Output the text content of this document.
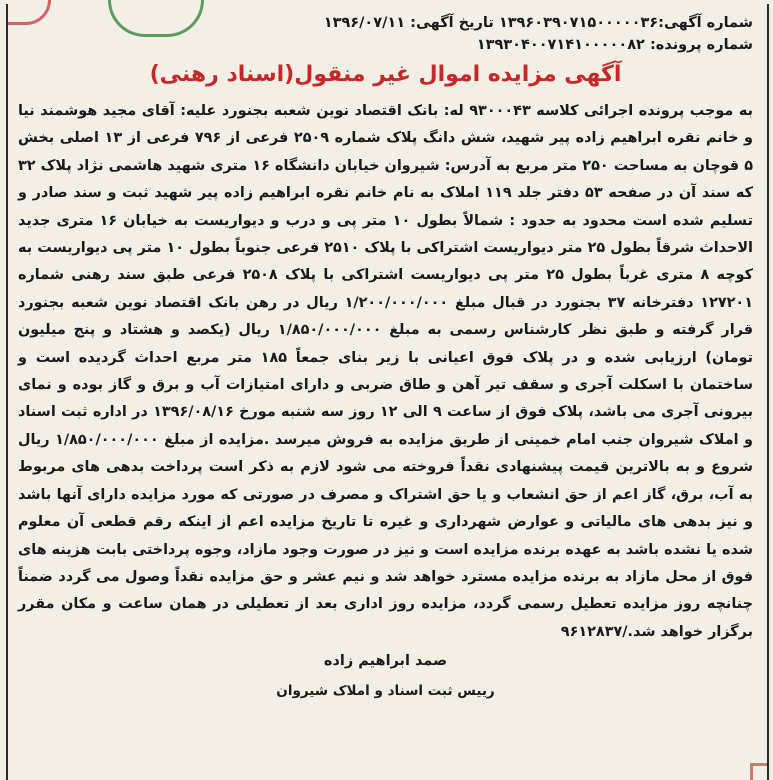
شماره آگهی:۱۳۹۶۰۳۹۰۷۱۵۰۰۰۰۰۳۶ تاریخ آگهی: ۱۳۹۶/۰۷/۱۱
شماره پرونده: ۱۳۹۳۰۴۰۰۷۱۴۱۰۰۰۰۰۸۲
آگهی مزایده اموال غیر منقول(اسناد رهنی)

به موجب پرونده اجرائی کلاسه ۹۳۰۰۰۴۳ له: بانک اقتصاد نوین شعبه بجنورد علیه: آقای مجید هوشمند نیا و خانم نقره ابراهیم زاده پیر شهید، شش دانگ پلاک شماره ۲۵۰۹ فرعی از ۷۹۶ فرعی از ۱۳ اصلی بخش ۵ قوچان به مساحت ۲۵۰ متر مربع به آدرس: شیروان خیابان دانشگاه ۱۶ متری شهید هاشمی نژاد پلاک ۳۲ که سند آن در صفحه ۵۳ دفتر جلد ۱۱۹ املاک به نام خانم نقره ابراهیم زاده پیر شهید ثبت و سند صادر و تسلیم شده است محدود به حدود : شمالاً بطول ۱۰ متر پی و درب و دیواریست به خیابان ۱۶ متری جدید الاحداث شرقاً بطول ۲۵ متر دیواریست اشتراکی با پلاک ۲۵۱۰ فرعی جنوباً بطول ۱۰ متر پی دیواریست به کوچه ۸ متری غرباً بطول ۲۵ متر پی دیواریست اشتراکی با پلاک ۲۵۰۸ فرعی طبق سند رهنی شماره ۱۲۷۲۰۱ دفترخانه ۳۷ بجنورد در قبال مبلغ ۱/۲۰۰/۰۰۰/۰۰۰ ریال در رهن بانک اقتصاد نوین شعبه بجنورد قرار گرفته و طبق نظر کارشناس رسمی به مبلغ ۱/۸۵۰/۰۰۰/۰۰۰ ریال (یکصد و هشتاد و پنج میلیون تومان) ارزیابی شده و در پلاک فوق اعیانی با زیر بنای جمعاً ۱۸۵ متر مربع احداث گردیده است و ساختمان با اسکلت آجری و سقف تیر آهن و طاق ضربی و دارای امتیازات آب و برق و گاز بوده و نمای بیرونی آجری می باشد، پلاک فوق از ساعت ۹ الی ۱۲ روز سه شنبه مورخ ۱۳۹۶/۰۸/۱۶ در اداره ثبت اسناد و املاک شیروان جنب امام خمینی از طریق مزایده به فروش میرسد .مزایده از مبلغ ۱/۸۵۰/۰۰۰/۰۰۰ ریال شروع و به بالاترین قیمت پیشنهادی نقداً فروخته می شود لازم به ذکر است پرداخت بدهی های مربوط به آب، برق، گاز اعم از حق انشعاب و یا حق اشتراک و مصرف در صورتی که مورد مزایده دارای آنها باشد و نیز بدهی های مالیاتی و عوارض شهرداری و غیره تا تاریخ مزایده اعم از اینکه رقم قطعی آن معلوم شده یا نشده باشد به عهده برنده مزایده است و نیز در صورت وجود مازاد، وجوه پرداختی بابت هزینه های فوق از محل مازاد به برنده مزایده مسترد خواهد شد و نیم عشر و حق مزایده نقداً وصول می گردد ضمناً چنانچه روز مزایده تعطیل رسمی گردد، مزایده روز اداری بعد از تعطیلی در همان ساعت و مکان مقرر برگزار خواهد شد./۹۶۱۲۸۳۷

صمد ابراهیم زاده
رییس ثبت اسناد و املاک شیروان
